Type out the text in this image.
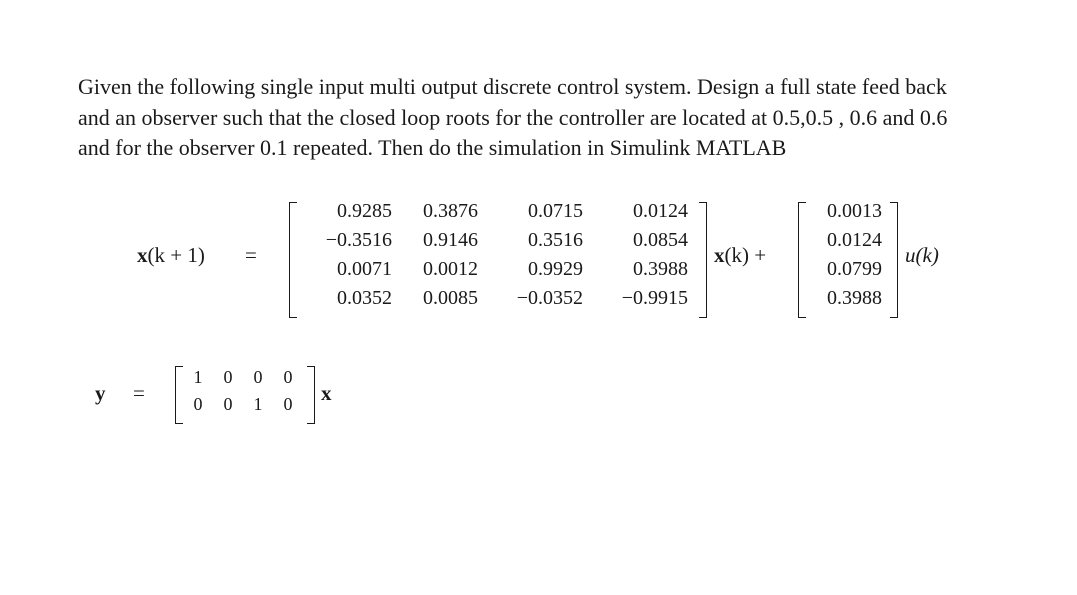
Given the following single input multi output discrete control system. Design a full state feed back
and an observer such that the closed loop roots for the controller are located at 0.5,0.5 , 0.6 and 0.6
and for the observer 0.1 repeated. Then do the simulation in Simulink MATLAB
x(k + 1) =
0.9285	0.3876	0.0715	0.0124
−0.3516	0.9146	0.3516	0.0854
0.0071	0.0012	0.9929	0.3988
0.0352	0.0085	−0.0352	−0.9915
x(k) +
0.0013
0.0124
0.0799
0.3988
u(k)
y =
1	0	0	0
0	0	1	0 x
